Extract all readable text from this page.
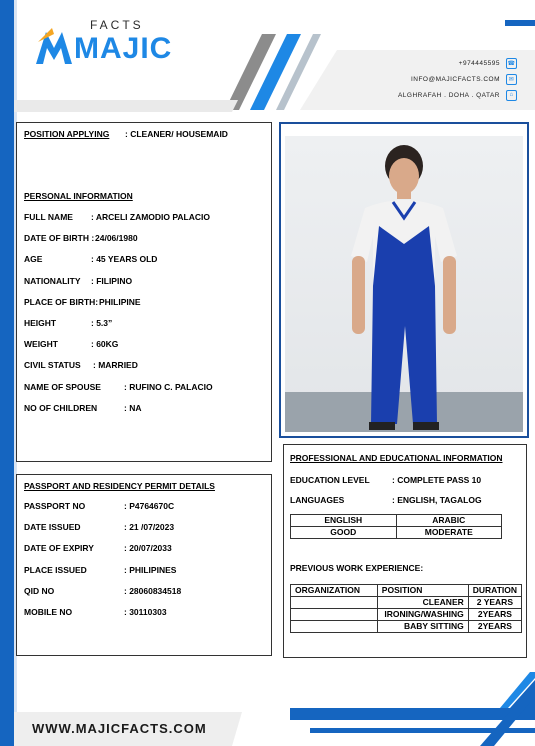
FACTS
MAJIC	+974445595 ☎
INFO@MAJICFACTS.COM	✉
ALGHRAFAH . DOHA . QATAR	⌂
POSITION APPLYING : CLEANER/ HOUSEMAID
PERSONAL INFORMATION
FULL NAME : ARCELI ZAMODIO PALACIO
DATE OF BIRTH : 24/06/1980
AGE	: 45 YEARS OLD
NATIONALITY : FILIPINO
PLACE OF BIRTH: PHILIPINE
HEIGHT	: 5.3”
WEIGHT	: 60KG
CIVIL STATUS : MARRIED
NAME OF SPOUSE	: RUFINO C. PALACIO
NO OF CHILDREN	: NA
PASSPORT AND RESIDENCY PERMIT DETAILS
PASSPORT NO	: P4764670C
DATE ISSUED	: 21 /07/2023
DATE OF EXPIRY	: 20/07/2033
PLACE ISSUED	: PHILIPINES
QID NO	: 28060834518
MOBILE NO	: 30110303
PROFESSIONAL AND EDUCATIONAL INFORMATION
EDUCATION LEVEL	: COMPLETE PASS 10
LANGUAGES	: ENGLISH, TAGALOG
ENGLISH	ARABIC
GOOD	MODERATE
PREVIOUS WORK EXPERIENCE:
ORGANIZATION	POSITION	DURATION
	CLEANER	2 YEARS
	IRONING/WASHING	2YEARS
	BABY SITTING	2YEARS
WWW.MAJICFACTS.COM
